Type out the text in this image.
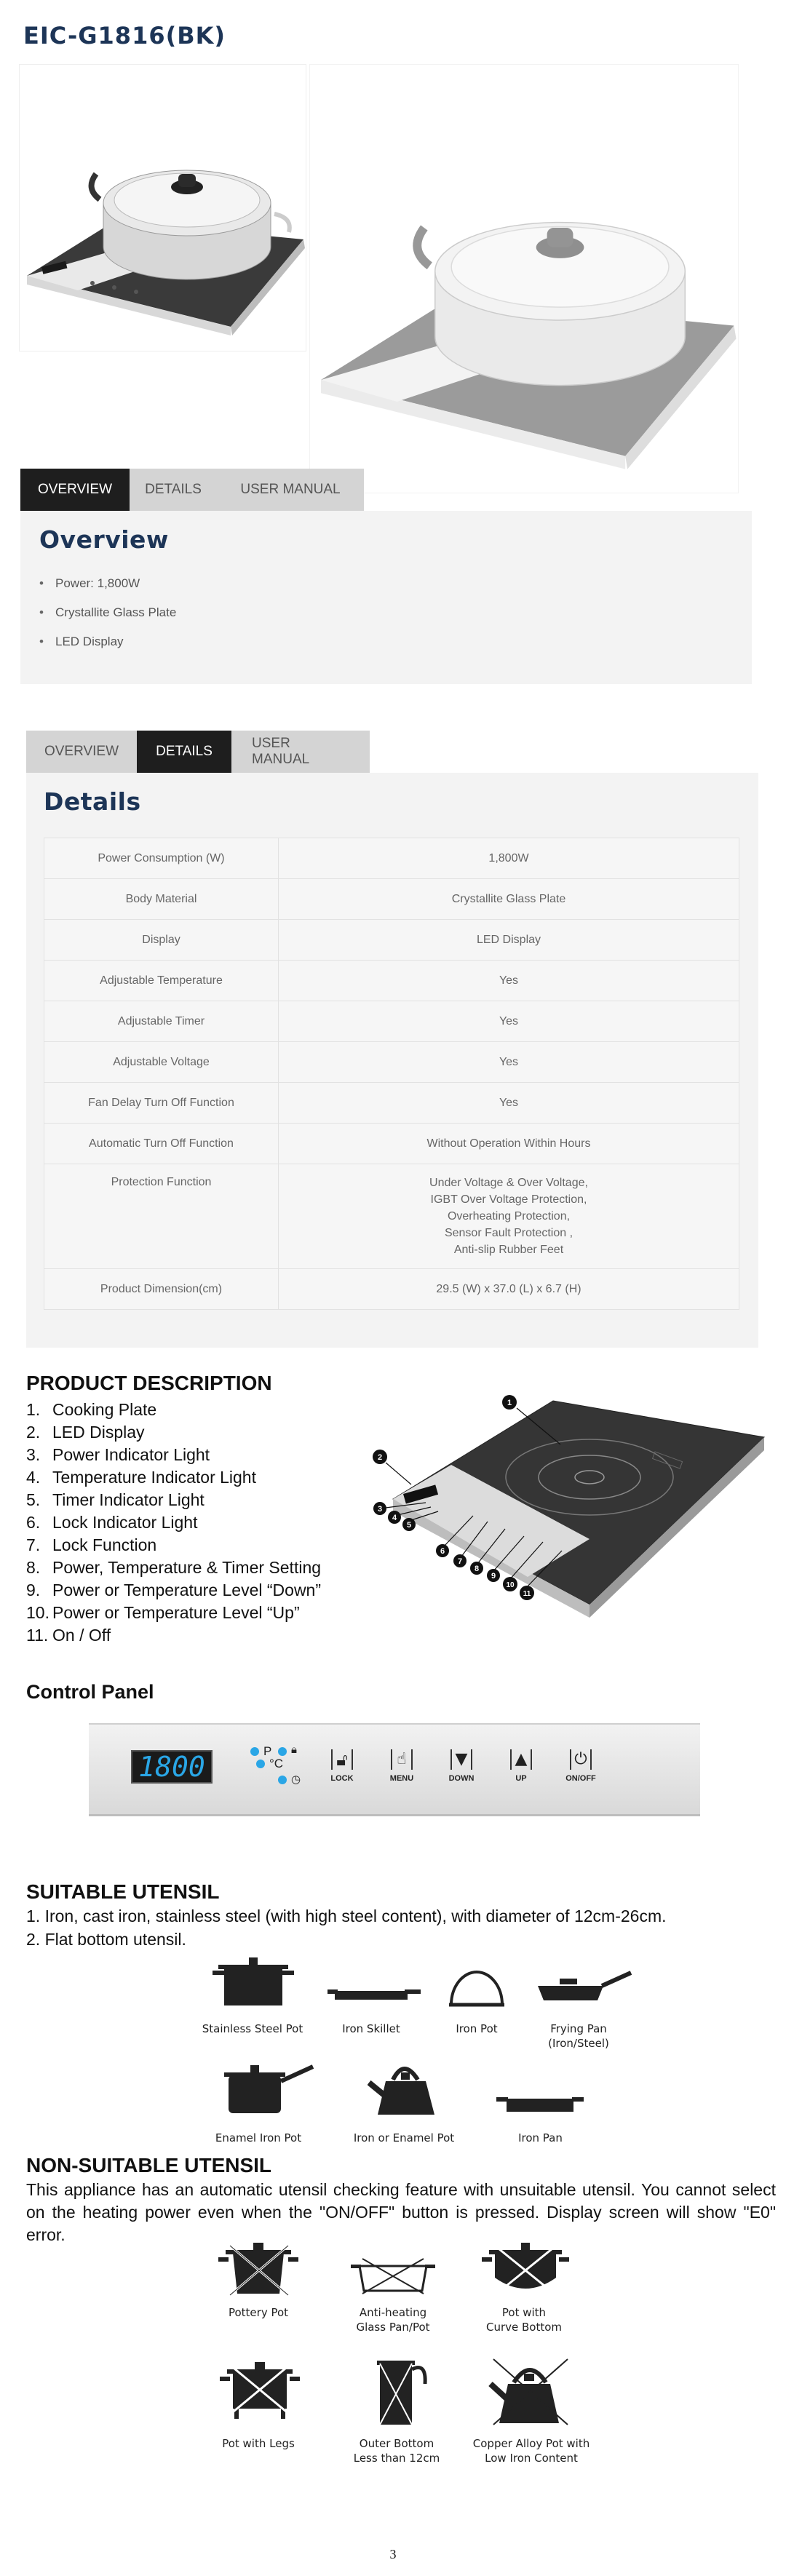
EIC-G1816(BK)
OVERVIEW	DETAILS	USER MANUAL
Overview
• Power: 1,800W
• Crystallite Glass Plate
• LED Display
OVERVIEW	DETAILS
USER MANUAL
Details
Power Consumption (W)	1,800W
Body Material	Crystallite Glass Plate
Display	LED Display
Adjustable Temperature	Yes
Adjustable Timer	Yes
Adjustable Voltage	Yes
Fan Delay Turn Off Function	Yes
Automatic Turn Off Function	Without Operation Within Hours
Protection Function	Under Voltage & Over Voltage,
IGBT Over Voltage Protection,
Overheating Protection,
Sensor Fault Protection ,
Anti-slip Rubber Feet
Product Dimension(cm)	29.5 (W) x 37.0 (L) x 6.7 (H)
PRODUCT DESCRIPTION
1. Cooking Plate
2. LED Display
3. Power Indicator Light
4. Temperature Indicator Light
5. Timer Indicator Light
6. Lock Indicator Light
7. Lock Function
8. Power, Temperature & Timer Setting
9. Power or Temperature Level “Down”
10. Power or Temperature Level “Up”
11. On / Off
1
2
3
4
5
6
7
8
9
10
11
Control Panel
1800	P 🔒︎
°C
◷
🔓︎
LOCK
☝
MENU
▼
DOWN
▲
UP
⏻
ON/OFF
SUITABLE UTENSIL
1. Iron, cast iron, stainless steel (with high steel content), with diameter of 12cm-26cm.
2. Flat bottom utensil.
Stainless Steel Pot	Iron Skillet	Iron Pot	Frying Pan
(Iron/Steel)
Enamel Iron Pot	Iron or Enamel Pot	Iron Pan
NON-SUITABLE UTENSIL
This appliance has an automatic utensil checking feature with unsuitable utensil. You cannot select on the heating power even when the "ON/OFF" button is pressed. Display screen will show "E0" error.
Pottery Pot	Anti-heating
Glass Pan/Pot
Pot with
Curve Bottom
Pot with Legs	Outer Bottom
Less than 12cm
Copper Alloy Pot with
Low Iron Content
3
